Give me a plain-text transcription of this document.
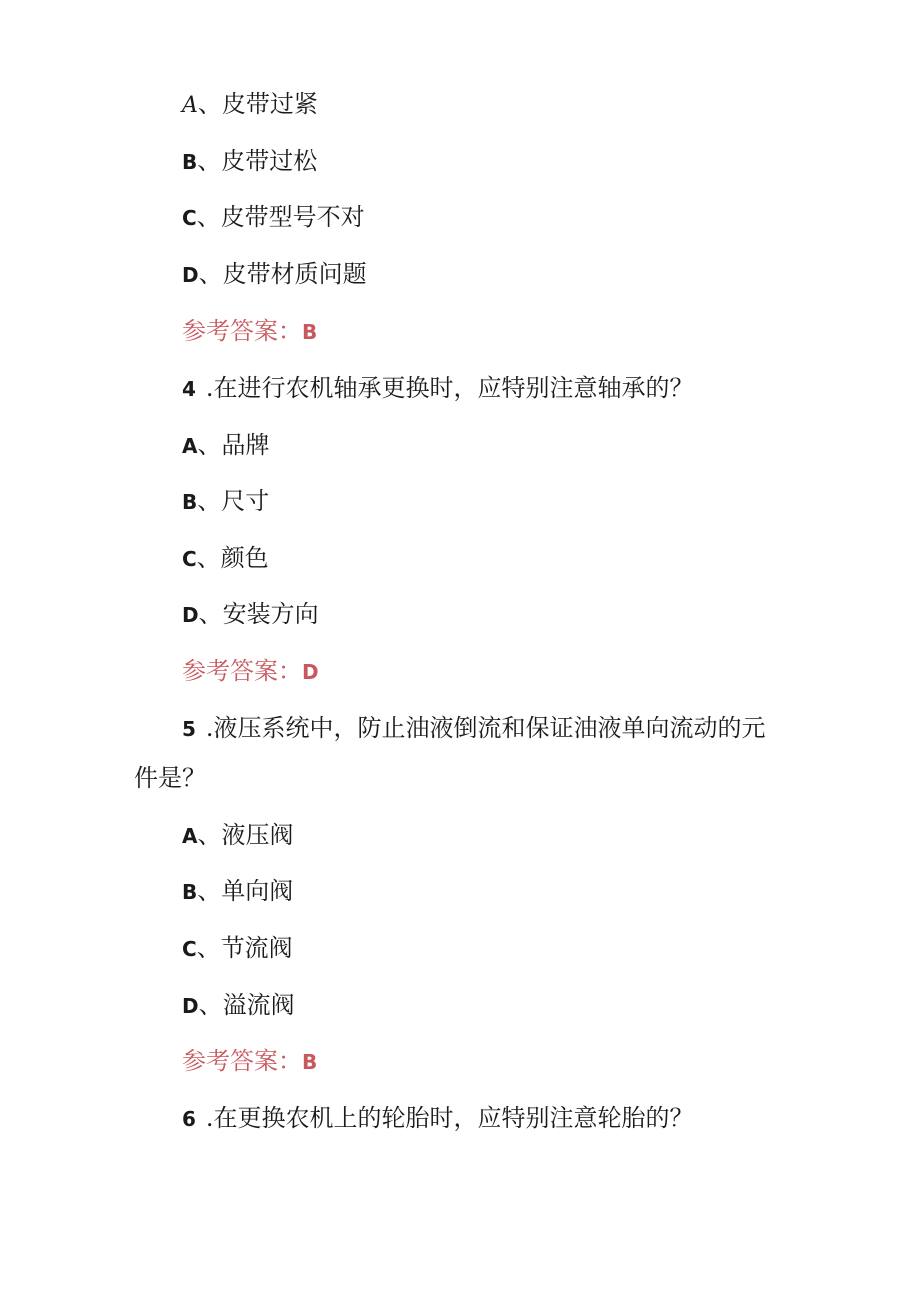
A、皮带过紧
B、皮带过松
C、皮带型号不对
D、皮带材质问题
参考答案：B
4 .在进行农机轴承更换时，应特别注意轴承的？
A、品牌
B、尺寸
C、颜色
D、安装方向
参考答案：D
5 .液压系统中，防止油液倒流和保证油液单向流动的元
件是？
A、液压阀
B、单向阀
C、节流阀
D、溢流阀
参考答案：B
6 .在更换农机上的轮胎时，应特别注意轮胎的？
